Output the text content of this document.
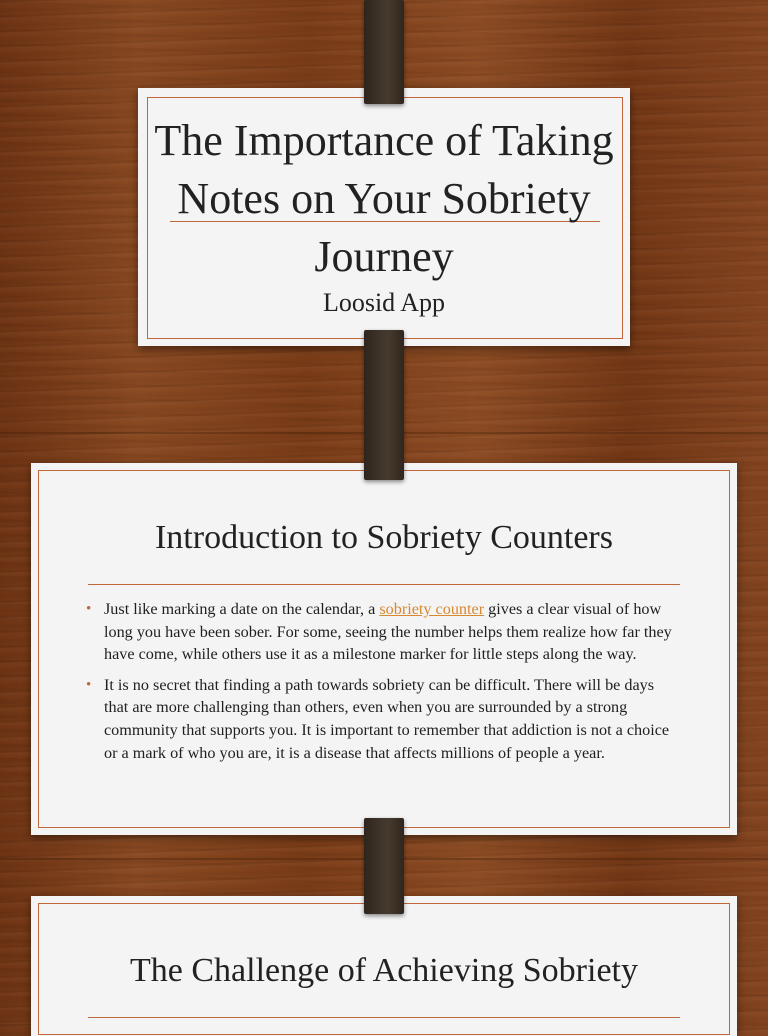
The Importance of Taking Notes on Your Sobriety Journey
Loosid App
Introduction to Sobriety Counters
• Just like marking a date on the calendar, a sobriety counter gives a clear visual of how long you have been sober. For some, seeing the number helps them realize how far they have come, while others use it as a milestone marker for little steps along the way.
• It is no secret that finding a path towards sobriety can be difficult. There will be days that are more challenging than others, even when you are surrounded by a strong community that supports you. It is important to remember that addiction is not a choice or a mark of who you are, it is a disease that affects millions of people a year.
The Challenge of Achieving Sobriety
